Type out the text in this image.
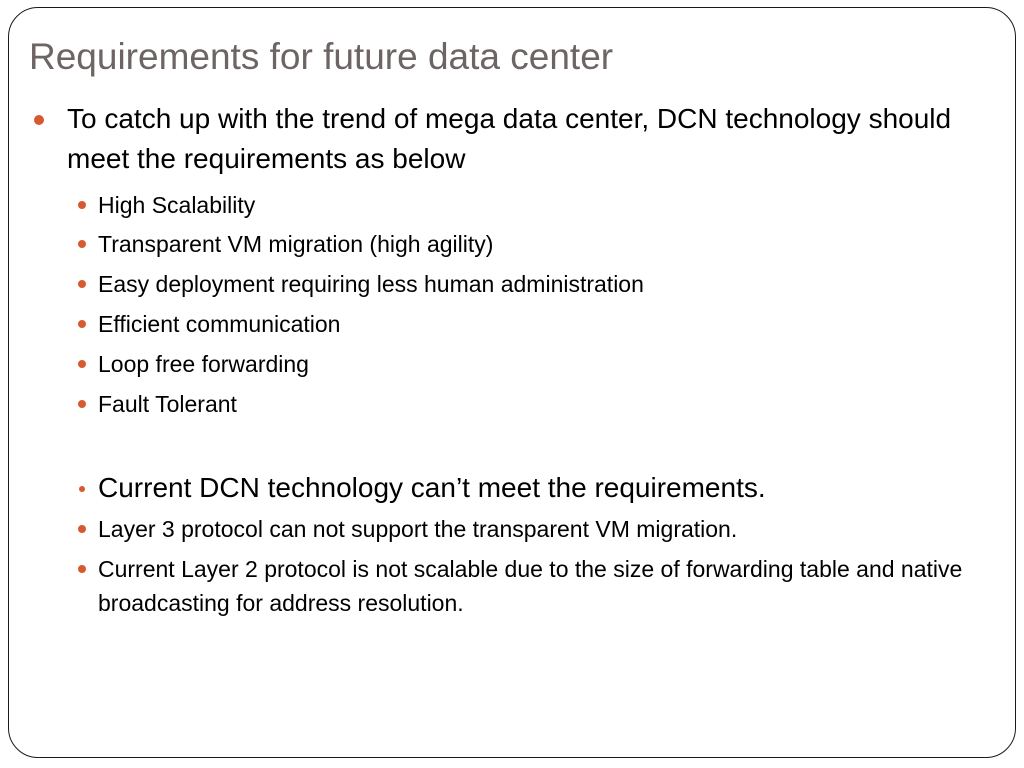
Requirements for future data center
To catch up with the trend of mega data center, DCN technology should meet the requirements as below
High Scalability
Transparent VM migration (high agility)
Easy deployment requiring less human administration
Efficient communication
Loop free forwarding
Fault Tolerant
Current DCN technology can’t meet the requirements.
Layer 3 protocol can not support the transparent VM migration.
Current Layer 2 protocol is not scalable due to the size of forwarding table and native broadcasting for address resolution.
